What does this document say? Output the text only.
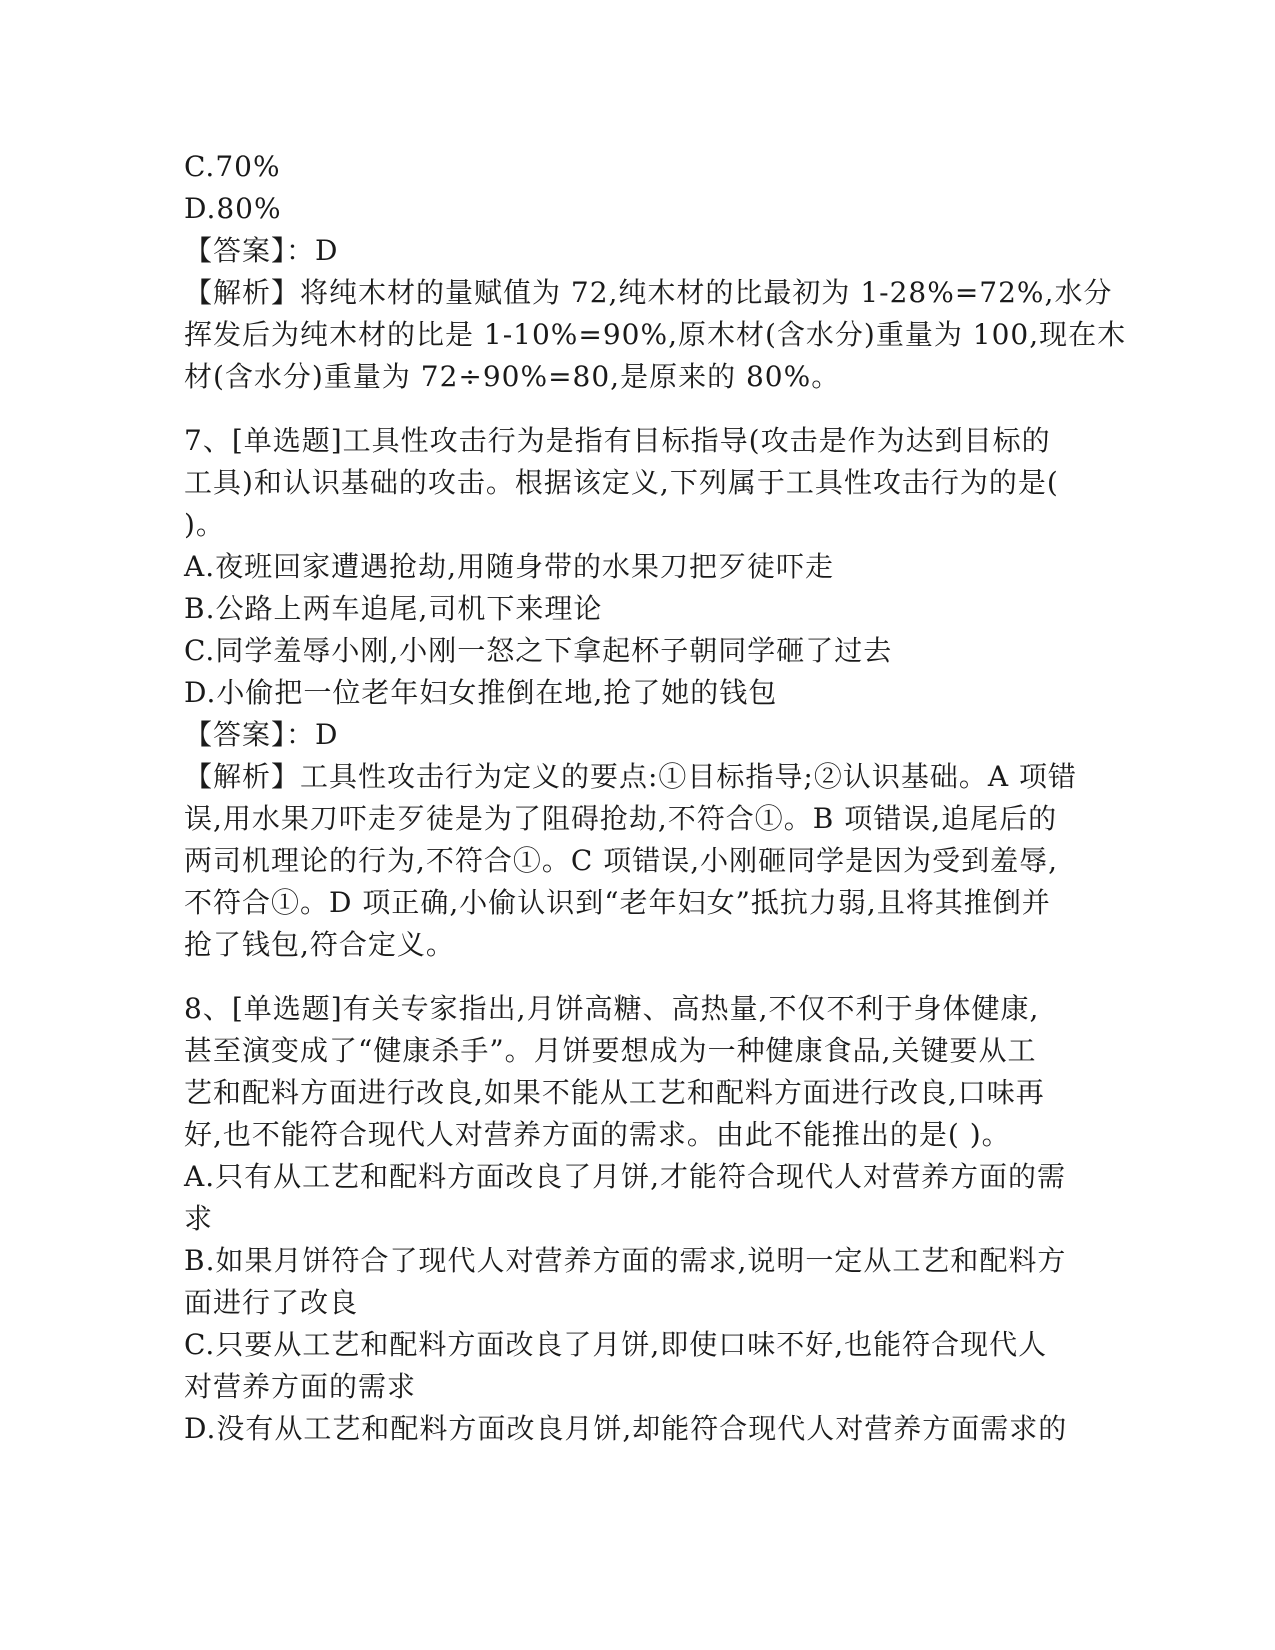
C.70%
D.80%
【答案】：D
【解析】将纯木材的量赋值为 72,纯木材的比最初为 1-28%=72%,水分
挥发后为纯木材的比是 1-10%=90%,原木材(含水分)重量为 100,现在木
材(含水分)重量为 72÷90%=80,是原来的 80%。
7、[单选题]工具性攻击行为是指有目标指导(攻击是作为达到目标的
工具)和认识基础的攻击。根据该定义,下列属于工具性攻击行为的是(
)。
A.夜班回家遭遇抢劫,用随身带的水果刀把歹徒吓走
B.公路上两车追尾,司机下来理论
C.同学羞辱小刚,小刚一怒之下拿起杯子朝同学砸了过去
D.小偷把一位老年妇女推倒在地,抢了她的钱包
【答案】：D
【解析】工具性攻击行为定义的要点:①目标指导;②认识基础。A 项错
误,用水果刀吓走歹徒是为了阻碍抢劫,不符合①。B 项错误,追尾后的
两司机理论的行为,不符合①。C 项错误,小刚砸同学是因为受到羞辱,
不符合①。D 项正确,小偷认识到“老年妇女”抵抗力弱,且将其推倒并
抢了钱包,符合定义。
8、[单选题]有关专家指出,月饼高糖、高热量,不仅不利于身体健康,
甚至演变成了“健康杀手”。月饼要想成为一种健康食品,关键要从工
艺和配料方面进行改良,如果不能从工艺和配料方面进行改良,口味再
好,也不能符合现代人对营养方面的需求。由此不能推出的是( )。
A.只有从工艺和配料方面改良了月饼,才能符合现代人对营养方面的需
求
B.如果月饼符合了现代人对营养方面的需求,说明一定从工艺和配料方
面进行了改良
C.只要从工艺和配料方面改良了月饼,即使口味不好,也能符合现代人
对营养方面的需求
D.没有从工艺和配料方面改良月饼,却能符合现代人对营养方面需求的
